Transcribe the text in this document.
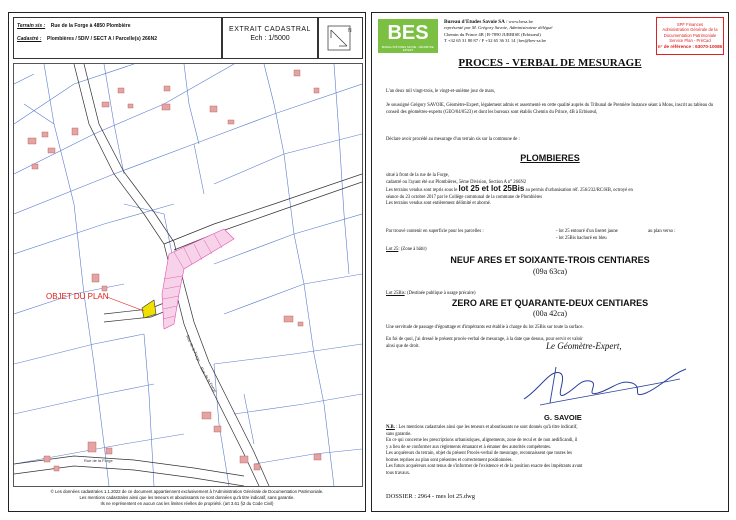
Terrain sis : Rue de la Forge à 4850 Plombière
Cadastré : Plombières / 5DIV / SECT A / Parcelle(s) 266N2
EXTRAIT CADASTRAL
Ech : 1/5000
N
Rue de la Forge
Rue de la Forge
Rue de la Forge
OBJET DU PLAN
© Les données cadastrales 1.1.2022 de ce document appartiennent exclusivement à l'Administration Générale de Documentation Patrimoniale.
Les mentions cadastrales ainsi que les teneurs et aboutissants ne sont données qu'à titre indicatif, sans garantie.
Ils ne représentent en aucun cas les limites réelles de propriété. (art 3.61 §2 du Code Civil)
BES
BUREAU D'ÉTUDES SAVOIE · GÉOMÈTRE-EXPERT
Bureau d'Etudes Savoie SA / www.besa.be
représenté par M. Grégory Savoie, Administrateur délégué
Chemin du Prince 4B | B-7890 JURBISE (Erbisœul)
T +32 65 31 80 87 / F +32 65 36 31 14 | bes@bes-sa.be
SPF Finances
Administration Générale de la
Documentation Patrimoniale
Service Plan - PréCad
n° de référence : 63070-10086
PROCES - VERBAL DE MESURAGE
L'an deux mil vingt-trois, le vingt-et-unième jour de mars,
Je soussigné Grégory SAVOIE, Géomètre-Expert, légalement admis et assermenté en cette qualité auprès du Tribunal de Première Instance séant à Mons, inscrit au tableau du conseil des géomètres-experts (GEO/04/0523) et dont les bureaux sont établis Chemin du Prince, 4B à Erbisœul,
Déclare avoir procédé au mesurage d'un terrain sis sur la commune de :
PLOMBIERES
situé à front de la rue de la Forge,
cadastré ou l'ayant été sur Plombières, 5ème Division, Section A n° 266N2
Les terrains vendus sont repris sous le lot 25 et lot 25Bis au permis d'urbanisation réf. 256/232/RC/HB, octroyé en
séance du 23 octobre 2017 par le Collège communal de la commune de Plombières
Les terrains vendus sont entièrement délimité et aborné.
Par trouvé contenir en superficie pour les parcelles :	- lot 25 entouré d'un liseret jaune	au plan verso :
- lot 25Bis hachuré en bleu
Lot 25: (Zone à bâtir)
NEUF ARES ET SOIXANTE-TROIS CENTIARES
(09a 63ca)
Lot 25Bis: (Destinée publique à usage précaire)
ZERO ARE ET QUARANTE-DEUX CENTIARES
(00a 42ca)
Une servitude de passage d'égouttage et d'impétrants est établie à charge du lot 25Bis sur toute la surface.
En foi de quoi, j'ai dressé le présent procès-verbal de mesurage, à la date que dessus, pour servir et valoir ainsi que de droit.	Le Géomètre-Expert,
G. SAVOIE
N.B. : Les mentions cadastrales ainsi que les teneurs et aboutissants ne sont donnés qu'à titre indicatif,
sans garantie.
En ce qui concerne les prescriptions urbanistiques, alignements, zone de recul et de non aedificandi, il
y a lieu de se conformer aux règlements émanant et à émaner des autorités compétentes.
Les acquéreurs du terrain, objet du présent Procès-verbal de mesurage, reconnaissent que toutes les
bornes reprises au plan sont présentes et correctement positionnées.
Les futurs acquéreurs sont tenus de s'informer de l'existence et de la position exacte des impétrants avant
tous travaux.
DOSSIER : 2964 - mes lot 25.dwg
